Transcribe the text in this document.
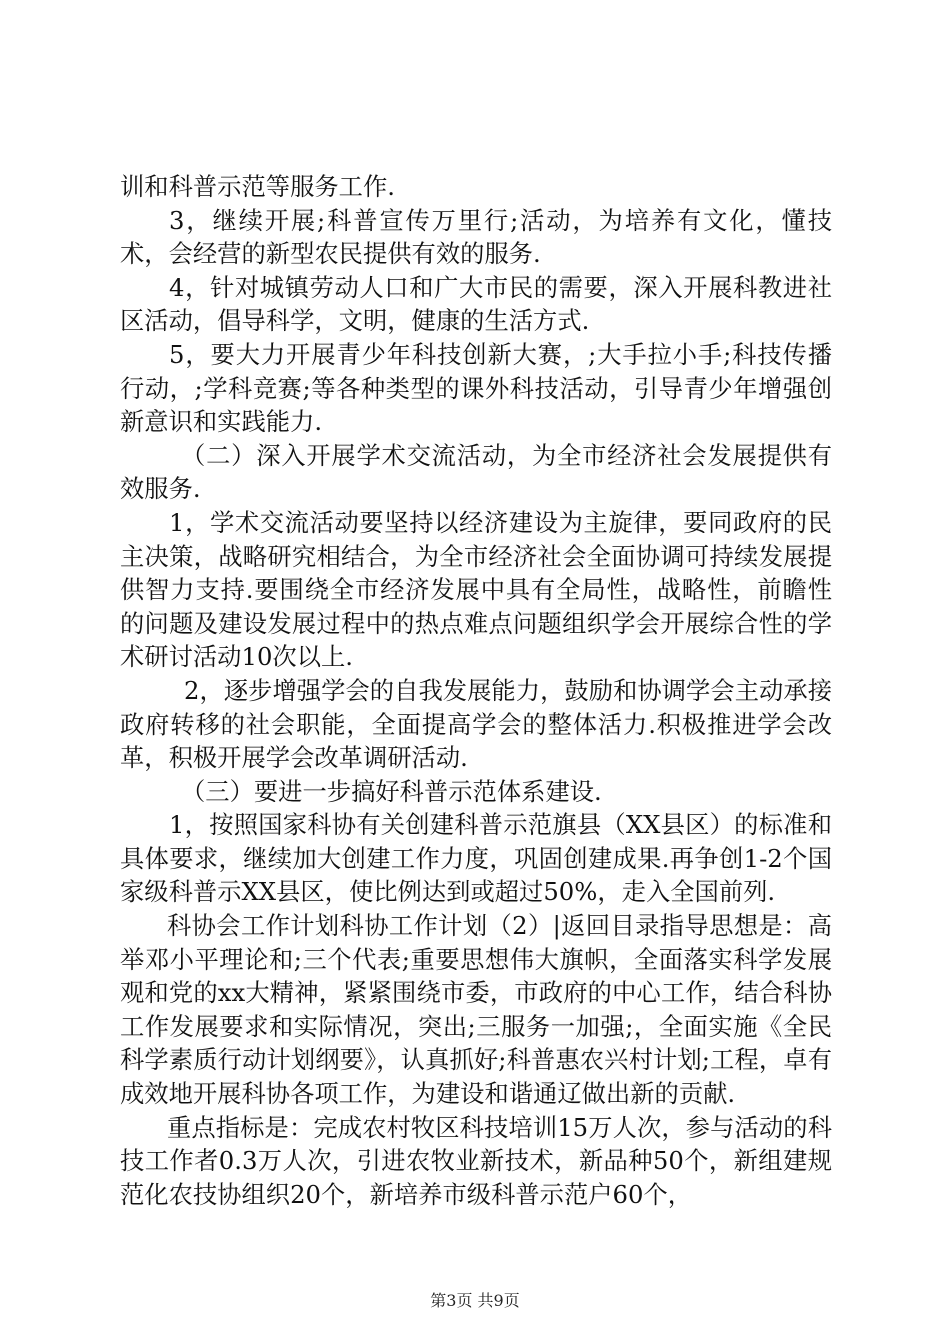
训和科普示范等服务工作.

3，继续开展;科普宣传万里行;活动，为培养有文化，懂技术，会经营的新型农民提供有效的服务.

4，针对城镇劳动人口和广大市民的需要，深入开展科教进社区活动，倡导科学，文明，健康的生活方式.

5，要大力开展青少年科技创新大赛，;大手拉小手;科技传播行动，;学科竞赛;等各种类型的课外科技活动，引导青少年增强创新意识和实践能力.

（二）深入开展学术交流活动，为全市经济社会发展提供有效服务.

1，学术交流活动要坚持以经济建设为主旋律，要同政府的民主决策，战略研究相结合，为全市经济社会全面协调可持续发展提供智力支持.要围绕全市经济发展中具有全局性，战略性，前瞻性的问题及建设发展过程中的热点难点问题组织学会开展综合性的学术研讨活动10次以上.

2，逐步增强学会的自我发展能力，鼓励和协调学会主动承接政府转移的社会职能，全面提高学会的整体活力.积极推进学会改革，积极开展学会改革调研活动.

（三）要进一步搞好科普示范体系建设.

1，按照国家科协有关创建科普示范旗县（XX县区）的标准和具体要求，继续加大创建工作力度，巩固创建成果.再争创1-2个国家级科普示XX县区，使比例达到或超过50%，走入全国前列.

科协会工作计划科协工作计划（2）|返回目录指导思想是：高举邓小平理论和;三个代表;重要思想伟大旗帜，全面落实科学发展观和党的xx大精神，紧紧围绕市委，市政府的中心工作，结合科协工作发展要求和实际情况，突出;三服务一加强;，全面实施《全民科学素质行动计划纲要》，认真抓好;科普惠农兴村计划;工程，卓有成效地开展科协各项工作，为建设和谐通辽做出新的贡献.

重点指标是：完成农村牧区科技培训15万人次，参与活动的科技工作者0.3万人次，引进农牧业新技术，新品种50个，新组建规范化农技协组织20个，新培养市级科普示范户60个，

第3页 共9页
